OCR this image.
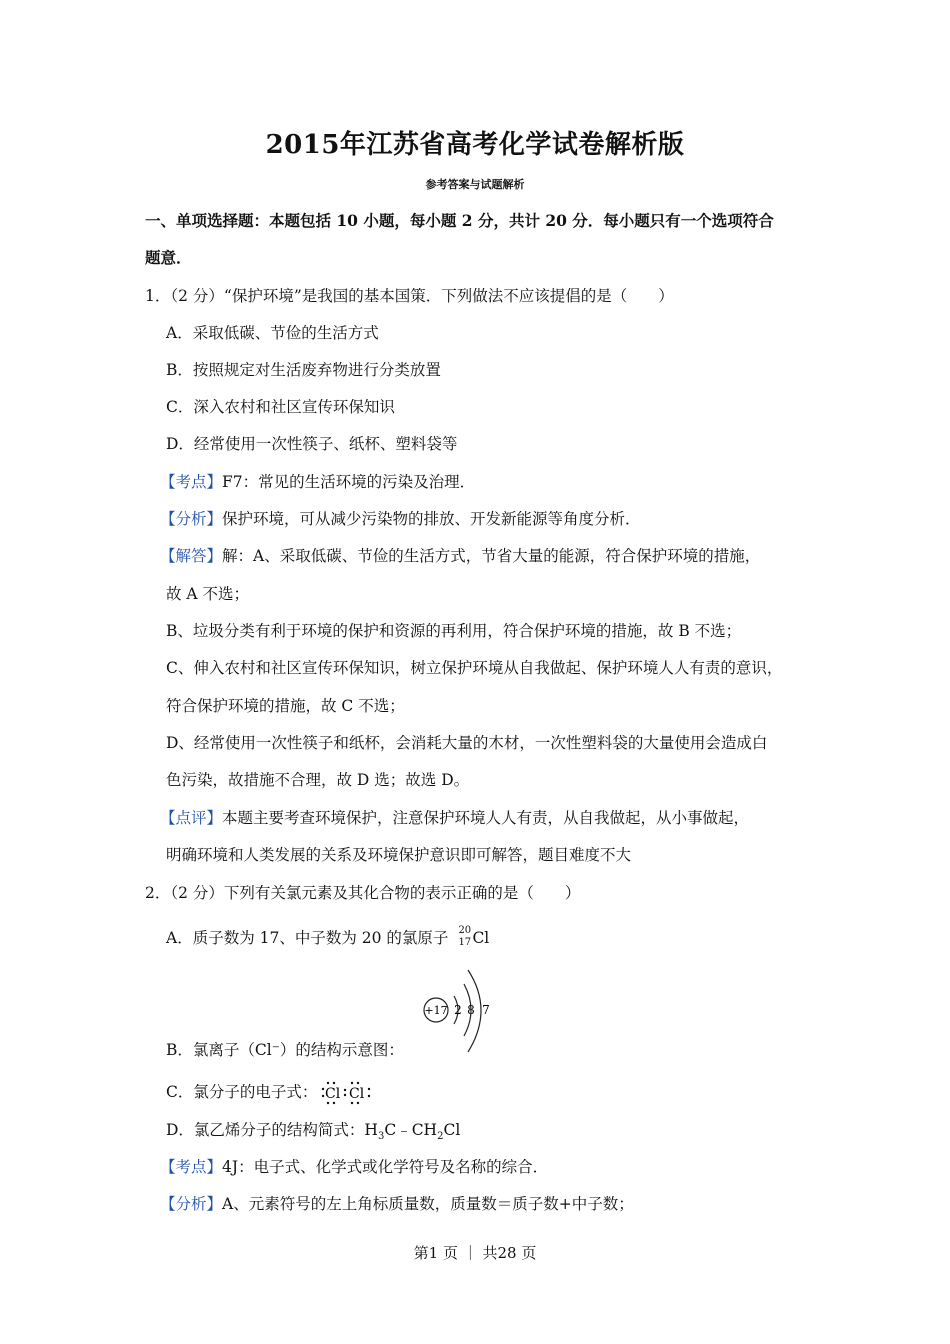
2015年江苏省高考化学试卷解析版
参考答案与试题解析
一、单项选择题：本题包括 10 小题，每小题 2 分，共计 20 分．每小题只有一个选项符合
题意．
1．（2 分）“保护环境”是我国的基本国策．下列做法不应该提倡的是（　　）
A．采取低碳、节俭的生活方式
B．按照规定对生活废弃物进行分类放置
C．深入农村和社区宣传环保知识
D．经常使用一次性筷子、纸杯、塑料袋等
【考点】F7：常见的生活环境的污染及治理．
【分析】保护环境，可从减少污染物的排放、开发新能源等角度分析．
【解答】解：A、采取低碳、节俭的生活方式，节省大量的能源，符合保护环境的措施，
故 A 不选；
B、垃圾分类有利于环境的保护和资源的再利用，符合保护环境的措施，故 B 不选；
C、伸入农村和社区宣传环保知识，树立保护环境从自我做起、保护环境人人有责的意识，
符合保护环境的措施，故 C 不选；
D、经常使用一次性筷子和纸杯，会消耗大量的木材，一次性塑料袋的大量使用会造成白
色污染，故措施不合理，故 D 选；故选 D。
【点评】本题主要考查环境保护，注意保护环境人人有责，从自我做起，从小事做起，
明确环境和人类发展的关系及环境保护意识即可解答，题目难度不大
2．（2 分）下列有关氯元素及其化合物的表示正确的是（　　）
A．质子数为 17、中子数为 20 的氯原子 20
17 Cl
+17 2 8 7
B．氯离子（Cl⁻）的结构示意图：
C．氯分子的电子式： Cl Cl
D．氯乙烯分子的结构简式：$H_3C﹣CH_2Cl$
【考点】4J：电子式、化学式或化学符号及名称的综合．
【分析】A、元素符号的左上角标质量数，质量数＝质子数+中子数；
第1 页 ｜ 共28 页
